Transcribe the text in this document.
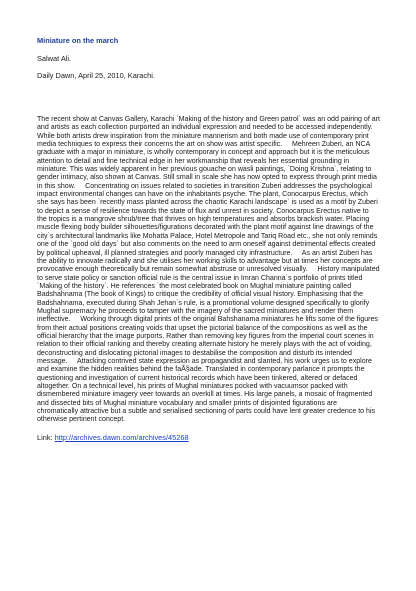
Miniature on the march

Salwat Ali.

Daily Dawn, April 25, 2010, Karachi.

The recent show at Canvas Gallery, Karachi `Making of the history and Green patrol` was an odd pairing of art and artists as each collection purported an individual expression and needed to be accessed independently. While both artists drew inspiration from the miniature mannerism and both made use of contemporary print media techniques to express their concerns the art on show was artist specific.     Mehreen Zuberi, an NCA graduate with a major in miniature, is wholly contemporary in concept and approach but it is the meticulous attention to detail and fine technical edge in her workmanship that reveals her essential grounding in miniature. This was widely apparent in her previous gouache on wasli paintings, `Doing Krishna`, relating to gender intimacy, also shown at Canvas. Still small in scale she has now opted to express through print media in this show.     Concentrating on issues related to societies in transition Zuberi addresses the psychological impact environmental changes can have on the inhabitants psyche. The plant, Conocarpus Erectus, which she says has been `recently mass planted across the chaotic Karachi landscape` is used as a motif by Zuberi to depict a sense of resilience towards the state of flux and unrest in society. Conocarpus Erectus native to the tropics is a mangrove shrub/tree that thrives on high temperatures and absorbs brackish water. Placing muscle flexing body builder silhouettes/figurations decorated with the plant motif against line drawings of the city`s architectural landmarks like Mohatta Palace, Hotel Metropole and Tariq Road etc., she not only reminds one of the `good old days` but also comments on the need to arm oneself against detrimental effects created by political upheaval, ill planned strategies and poorly managed city infrastructure.     As an artist Zuberi has the ability to innovate radically and she utilises her working skills to advantage but at times her concepts are provocative enough theoretically but remain somewhat abstruse or unresolved visually.     History manipulated to serve state policy or sanction official rule is the central issue in Imran Channa`s portfolio of prints titled `Making of the history`. He references `the most celebrated book on Mughal miniature painting called Badshahnama (The book of Kings) to critique the credibility of official visual history. Emphasising that the Badshahnama, executed during Shah Jehan`s rule, is a promotional volume designed specifically to glorify Mughal supremacy he proceeds to tamper with the imagery of the sacred miniatures and render them ineffective.     Working through digital prints of the original Bahshanama miniatures he lifts some of the figures from their actual positions creating voids that upset the pictorial balance of the compositions as well as the official hierarchy that the image purports. Rather than removing key figures from the imperial court scenes in relation to their official ranking and thereby creating alternate history he merely plays with the act of voiding, deconstructing and dislocating pictorial images to destabilise the composition and disturb its intended message.     Attacking contrived state expression as propagandist and slanted, his work urges us to explore and examine the hidden realities behind the faÃ§ade. Translated in contemporary parlance it prompts the questioning and investigation of current historical records which have been tinkered, altered or defaced altogether. On a technical level, his prints of Mughal miniatures pocked with vacuumsor packed with dismembered miniature imagery veer towards an overkill at times. His large panels, a mosaic of fragmented and dissected bits of Mughal miniature vocabulary and smaller prints of disjointed figurations are chromatically attractive but a subtle and serialised sectioning of parts could have lent greater credence to his otherwise pertinent concept.

Link: http://archives.dawn.com/archives/45268
